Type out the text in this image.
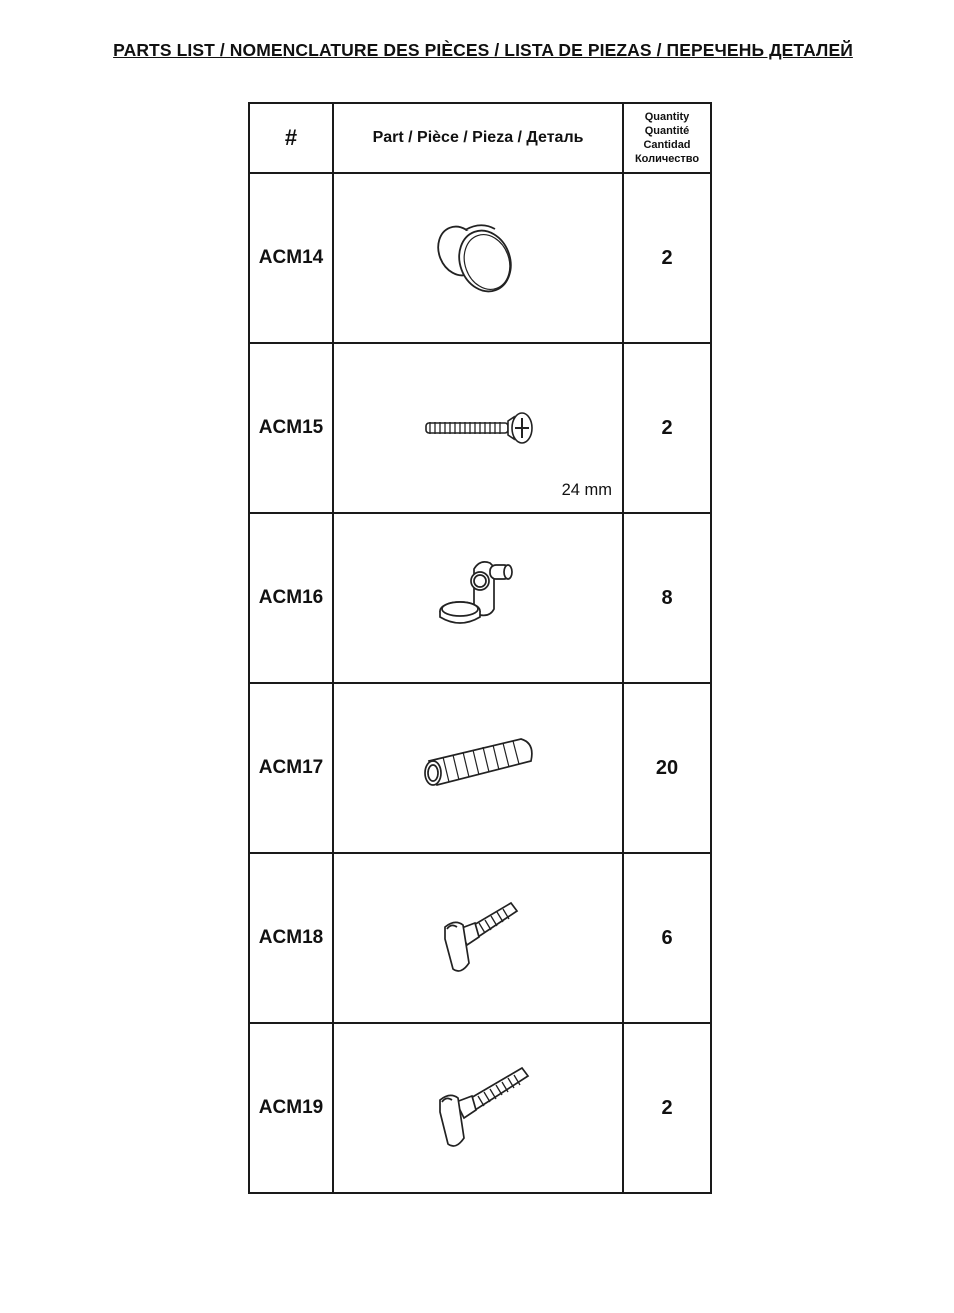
PARTS LIST / NOMENCLATURE DES PIÈCES / LISTA DE PIEZAS / ПЕРЕЧЕНЬ ДЕТАЛЕЙ
#	Part / Pièce / Pieza / Деталь	Quantity
Quantité
Cantidad
Количество

ACM14		2
ACM15	24 mm	2
ACM16		8
ACM17		20
ACM18		6
ACM19		2
